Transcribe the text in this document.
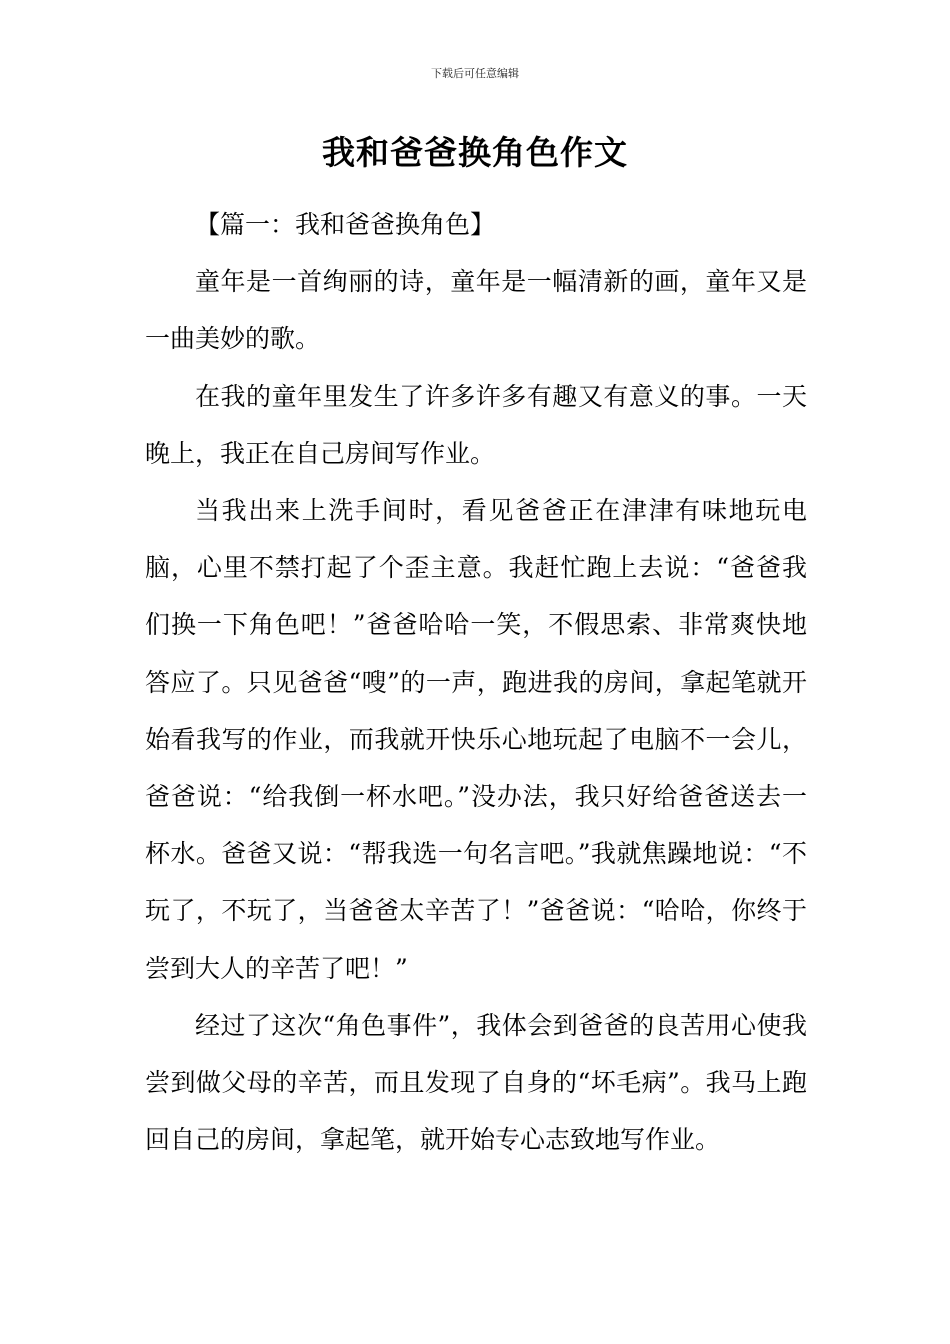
下载后可任意编辑
我和爸爸换角色作文

【篇一：我和爸爸换角色】

童年是一首绚丽的诗，童年是一幅清新的画，童年又是一曲美妙的歌。

在我的童年里发生了许多许多有趣又有意义的事。一天晚上，我正在自己房间写作业。

当我出来上洗手间时，看见爸爸正在津津有味地玩电脑，心里不禁打起了个歪主意。我赶忙跑上去说：“爸爸我们换一下角色吧！”爸爸哈哈一笑，不假思索、非常爽快地答应了。只见爸爸“嗖”的一声，跑进我的房间，拿起笔就开始看我写的作业，而我就开快乐心地玩起了电脑不一会儿，爸爸说：“给我倒一杯水吧。”没办法，我只好给爸爸送去一杯水。爸爸又说：“帮我选一句名言吧。”我就焦躁地说：“不玩了，不玩了，当爸爸太辛苦了！”爸爸说：“哈哈，你终于尝到大人的辛苦了吧！”

经过了这次“角色事件”，我体会到爸爸的良苦用心使我尝到做父母的辛苦，而且发现了自身的“坏毛病”。我马上跑回自己的房间，拿起笔，就开始专心志致地写作业。
